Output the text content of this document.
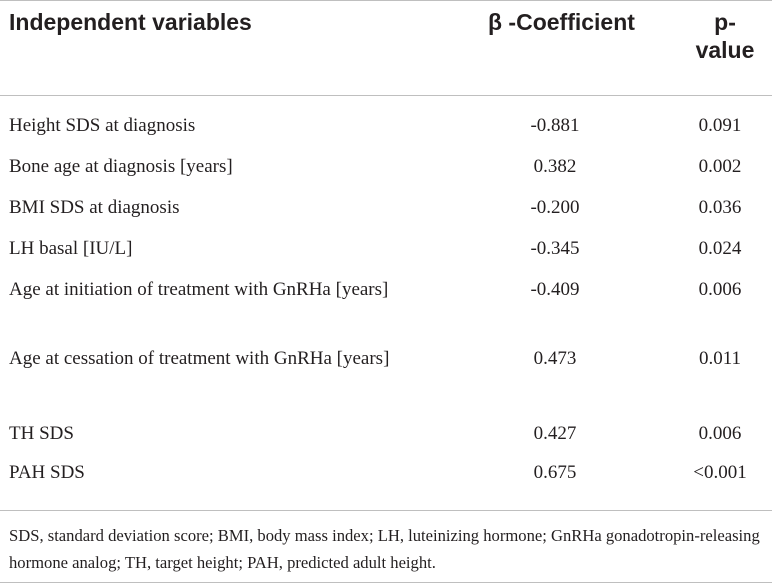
Independent variables	β -Coefficient	p-value
Height SDS at diagnosis	-0.881	0.091
Bone age at diagnosis [years]	0.382	0.002
BMI SDS at diagnosis	-0.200	0.036
LH basal [IU/L]	-0.345	0.024
Age at initiation of treatment with GnRHa [years]	-0.409	0.006
Age at cessation of treatment with GnRHa [years]	0.473	0.011
TH SDS	0.427	0.006
PAH SDS	0.675	<0.001
SDS, standard deviation score; BMI, body mass index; LH, luteinizing hormone; GnRHa gonadotropin-releasing hormone analog; TH, target height; PAH, predicted adult height.
